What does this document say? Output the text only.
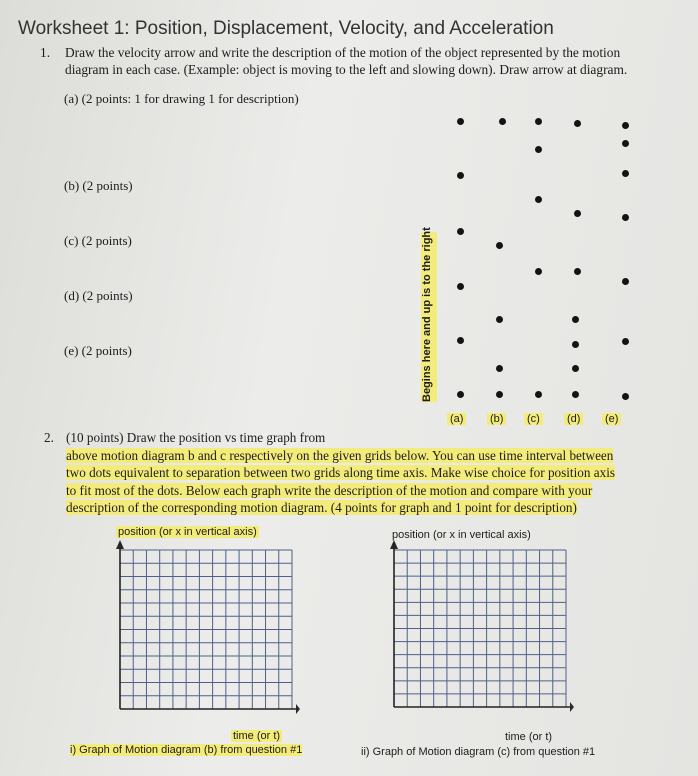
Worksheet 1: Position, Displacement, Velocity, and Acceleration
1. Draw the velocity arrow and write the description of the motion of the object represented by the motion
diagram in each case. (Example: object is moving to the left and slowing down). Draw arrow at diagram.
(a) (2 points: 1 for drawing 1 for description)
(b) (2 points)
(c) (2 points)
(d) (2 points)
(e) (2 points)	Begins here and up is to the right
(a) (b) (c) (d) (e)
2. (10 points) Draw the position vs time graph from
above motion diagram b and c respectively on the given grids below. You can use time interval between
two dots equivalent to separation between two grids along time axis. Make wise choice for position axis
to fit most of the dots. Below each graph write the description of the motion and compare with your
description of the corresponding motion diagram. (4 points for graph and 1 point for description)
position (or x in vertical axis)
time (or t)
i) Graph of Motion diagram (b) from question #1
position (or x in vertical axis)
time (or t)
ii) Graph of Motion diagram (c) from question #1
